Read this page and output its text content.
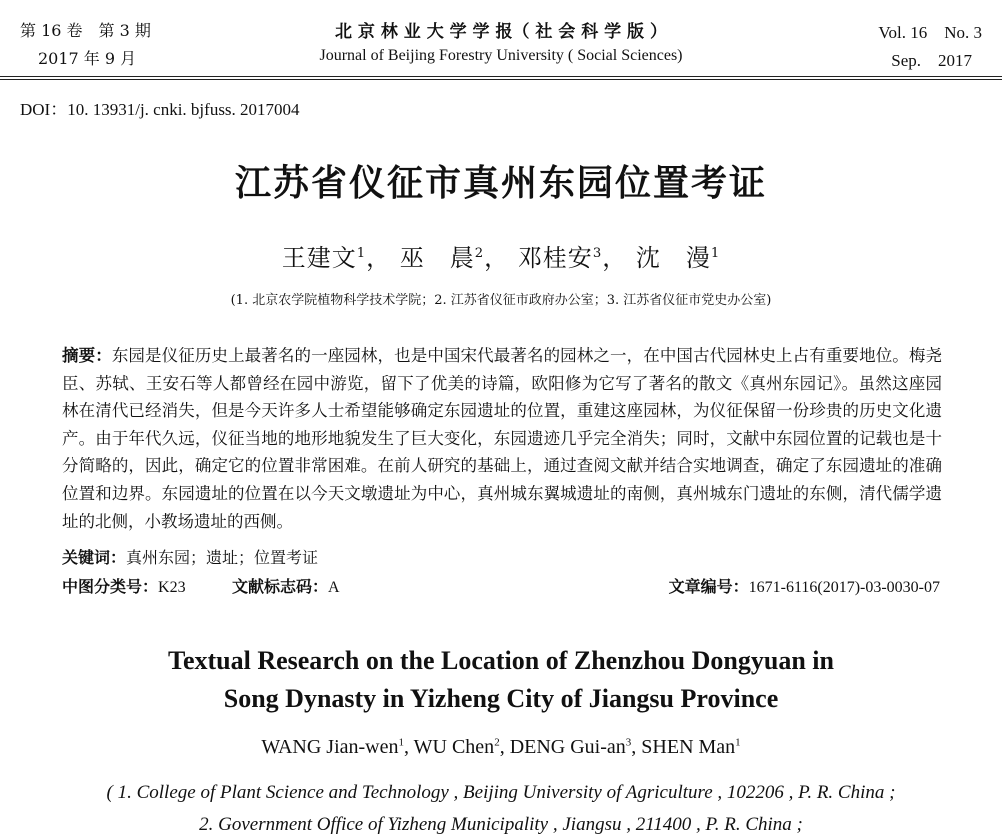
第 16 卷　第 3 期
2017 年 9 月
北 京 林 业 大 学 学 报（ 社 会 科 学 版 ）
Journal of Beijing Forestry University ( Social Sciences)
Vol. 16　No. 3
Sep.　2017
DOI：10. 13931/j. cnki. bjfuss. 2017004
江苏省仪征市真州东园位置考证
王建文$^1$， 巫　晨$^2$， 邓桂安$^3$， 沈　漫$^1$
(1. 北京农学院植物科学技术学院；2. 江苏省仪征市政府办公室；3. 江苏省仪征市党史办公室)
摘要：东园是仪征历史上最著名的一座园林，也是中国宋代最著名的园林之一，在中国古代园林史上占有重要地位。梅尧臣、苏轼、王安石等人都曾经在园中游览，留下了优美的诗篇，欧阳修为它写了著名的散文《真州东园记》。虽然这座园林在清代已经消失，但是今天许多人士希望能够确定东园遗址的位置，重建这座园林，为仪征保留一份珍贵的历史文化遗产。由于年代久远，仪征当地的地形地貌发生了巨大变化，东园遗迹几乎完全消失；同时，文献中东园位置的记载也是十分简略的，因此，确定它的位置非常困难。在前人研究的基础上，通过查阅文献并结合实地调查，确定了东园遗址的准确位置和边界。东园遗址的位置在以今天文墩遗址为中心，真州城东翼城遗址的南侧，真州城东门遗址的东侧，清代儒学遗址的北侧，小教场遗址的西侧。
关键词：真州东园；遗址；位置考证
中图分类号：K23	文献标志码：A	文章编号：1671-6116(2017)-03-0030-07
Textual Research on the Location of Zhenzhou Dongyuan in
Song Dynasty in Yizheng City of Jiangsu Province
WANG Jian-wen$^1$, WU Chen$^2$, DENG Gui-$an^3$, SHEN Man$^1$
( 1. College of Plant Science and Technology , Beijing University of Agriculture , 102206 , P. R. China ;
2. Government Office of Yizheng Municipality , Jiangsu , 211400 , P. R. China ;
